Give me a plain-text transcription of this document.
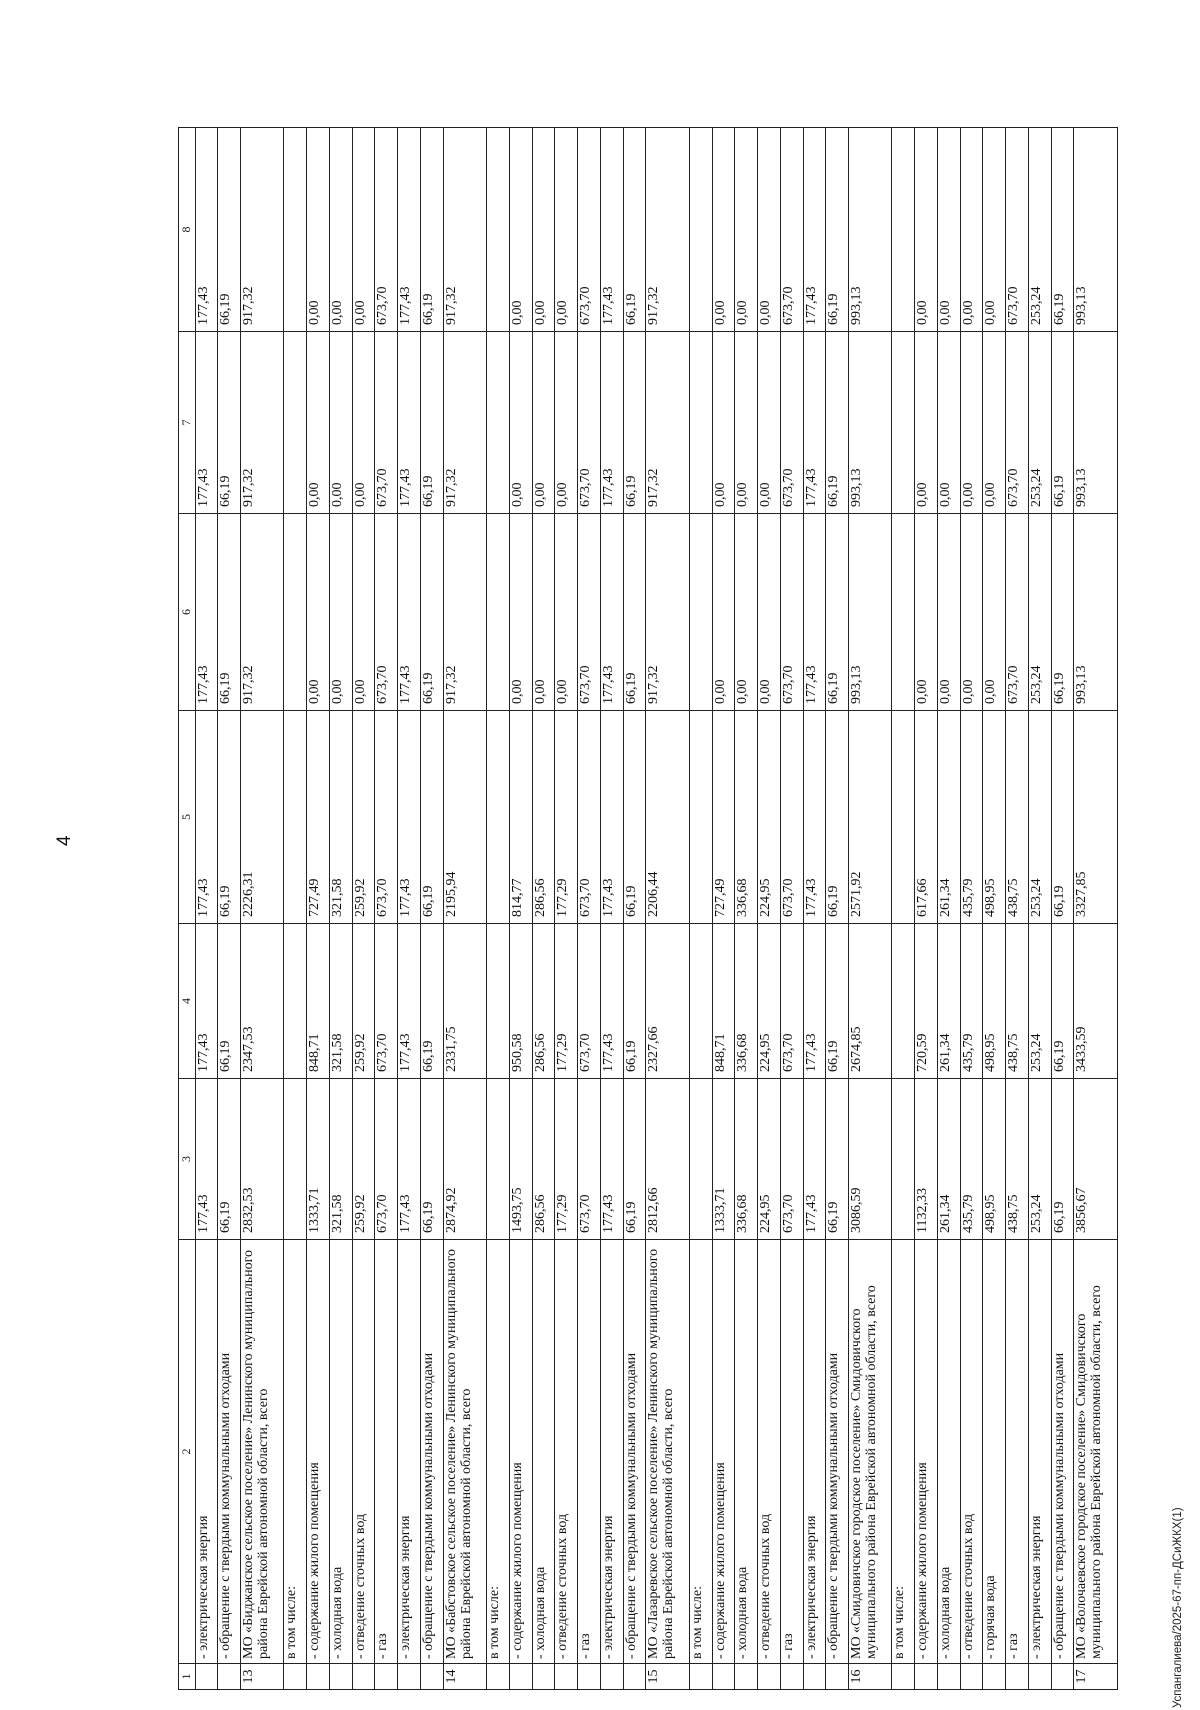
4
Успангалиева/2025-67-пп-ДСиЖКХ(1)
1	2	3	4	5	6	7	8
	- электрическая энергия	177,43	177,43	177,43	177,43	177,43	177,43
	- обращение с твердыми коммунальными отходами	66,19	66,19	66,19	66,19	66,19	66,19
13	МО «Биджанское сельское поселение» Ленинского муниципального района Еврейской автономной области, всего	2832,53	2347,53	2226,31	917,32	917,32	917,32
	в том числе:						
	- содержание жилого помещения	1333,71	848,71	727,49	0,00	0,00	0,00
	- холодная вода	321,58	321,58	321,58	0,00	0,00	0,00
	- отведение сточных вод	259,92	259,92	259,92	0,00	0,00	0,00
	- газ	673,70	673,70	673,70	673,70	673,70	673,70
	- электрическая энергия	177,43	177,43	177,43	177,43	177,43	177,43
	- обращение с твердыми коммунальными отходами	66,19	66,19	66,19	66,19	66,19	66,19
14	МО «Бабстовское сельское поселение» Ленинского муниципального района Еврейской автономной области, всего	2874,92	2331,75	2195,94	917,32	917,32	917,32
	в том числе:						
	- содержание жилого помещения	1493,75	950,58	814,77	0,00	0,00	0,00
	- холодная вода	286,56	286,56	286,56	0,00	0,00	0,00
	- отведение сточных вод	177,29	177,29	177,29	0,00	0,00	0,00
	- газ	673,70	673,70	673,70	673,70	673,70	673,70
	- электрическая энергия	177,43	177,43	177,43	177,43	177,43	177,43
	- обращение с твердыми коммунальными отходами	66,19	66,19	66,19	66,19	66,19	66,19
15	МО «Лазаревское сельское поселение» Ленинского муниципального района Еврейской автономной области, всего	2812,66	2327,66	2206,44	917,32	917,32	917,32
	в том числе:						
	- содержание жилого помещения	1333,71	848,71	727,49	0,00	0,00	0,00
	- холодная вода	336,68	336,68	336,68	0,00	0,00	0,00
	- отведение сточных вод	224,95	224,95	224,95	0,00	0,00	0,00
	- газ	673,70	673,70	673,70	673,70	673,70	673,70
	- электрическая энергия	177,43	177,43	177,43	177,43	177,43	177,43
	- обращение с твердыми коммунальными отходами	66,19	66,19	66,19	66,19	66,19	66,19
16	МО «Смидовичское городское поселение» Смидовичского муниципального района Еврейской автономной области, всего	3086,59	2674,85	2571,92	993,13	993,13	993,13
	в том числе:						
	- содержание жилого помещения	1132,33	720,59	617,66	0,00	0,00	0,00
	- холодная вода	261,34	261,34	261,34	0,00	0,00	0,00
	- отведение сточных вод	435,79	435,79	435,79	0,00	0,00	0,00
	- горячая вода	498,95	498,95	498,95	0,00	0,00	0,00
	- газ	438,75	438,75	438,75	673,70	673,70	673,70
	- электрическая энергия	253,24	253,24	253,24	253,24	253,24	253,24
	- обращение с твердыми коммунальными отходами	66,19	66,19	66,19	66,19	66,19	66,19
17	МО «Волочаевское городское поселение» Смидовичского муниципального района Еврейской автономной области, всего	3856,67	3433,59	3327,85	993,13	993,13	993,13
